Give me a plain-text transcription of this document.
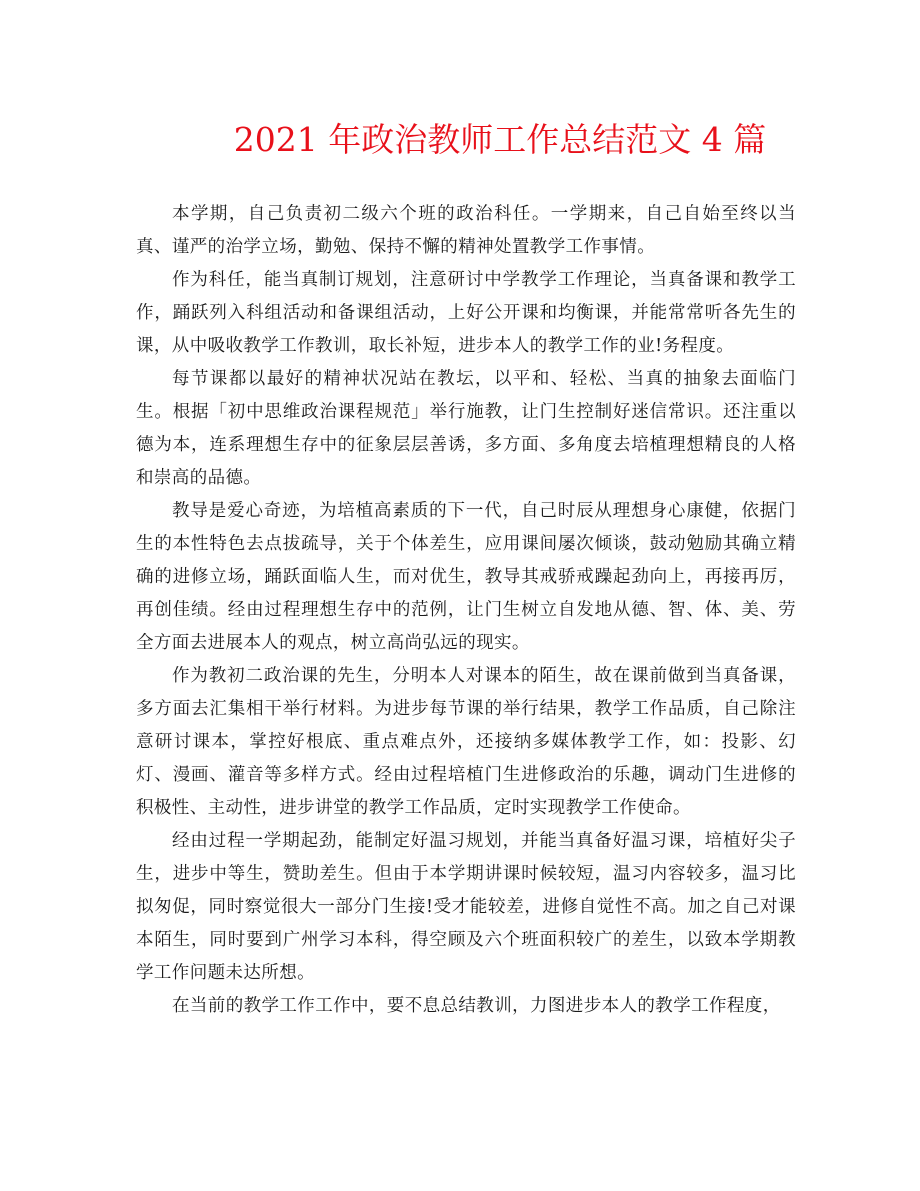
2021 年政治教师工作总结范文 4 篇

本学期，自己负责初二级六个班的政治科任。一学期来，自己自始至终以当真、谨严的治学立场，勤勉、保持不懈的精神处置教学工作事情。

作为科任，能当真制订规划，注意研讨中学教学工作理论，当真备课和教学工作，踊跃列入科组活动和备课组活动，上好公开课和均衡课，并能常常听各先生的课，从中吸收教学工作教训，取长补短，进步本人的教学工作的业!务程度。

每节课都以最好的精神状况站在教坛，以平和、轻松、当真的抽象去面临门生。根据「初中思维政治课程规范」举行施教，让门生控制好迷信常识。还注重以德为本，连系理想生存中的征象层层善诱，多方面、多角度去培植理想精良的人格和崇高的品德。

教导是爱心奇迹，为培植高素质的下一代，自己时辰从理想身心康健，依据门生的本性特色去点拔疏导，关于个体差生，应用课间屡次倾谈，鼓动勉励其确立精确的进修立场，踊跃面临人生，而对优生，教导其戒骄戒躁起劲向上，再接再厉，再创佳绩。经由过程理想生存中的范例，让门生树立自发地从德、智、体、美、劳全方面去进展本人的观点，树立高尚弘远的现实。

作为教初二政治课的先生，分明本人对课本的陌生，故在课前做到当真备课，多方面去汇集相干举行材料。为进步每节课的举行结果，教学工作品质，自己除注意研讨课本，掌控好根底、重点难点外，还接纳多媒体教学工作，如：投影、幻灯、漫画、灌音等多样方式。经由过程培植门生进修政治的乐趣，调动门生进修的积极性、主动性，进步讲堂的教学工作品质，定时实现教学工作使命。

经由过程一学期起劲，能制定好温习规划，并能当真备好温习课，培植好尖子生，进步中等生，赞助差生。但由于本学期讲课时候较短，温习内容较多，温习比拟匆促，同时察觉很大一部分门生接!受才能较差，进修自觉性不高。加之自己对课本陌生，同时要到广州学习本科，得空顾及六个班面积较广的差生，以致本学期教学工作问题未达所想。

在当前的教学工作工作中，要不息总结教训，力图进步本人的教学工作程度，
